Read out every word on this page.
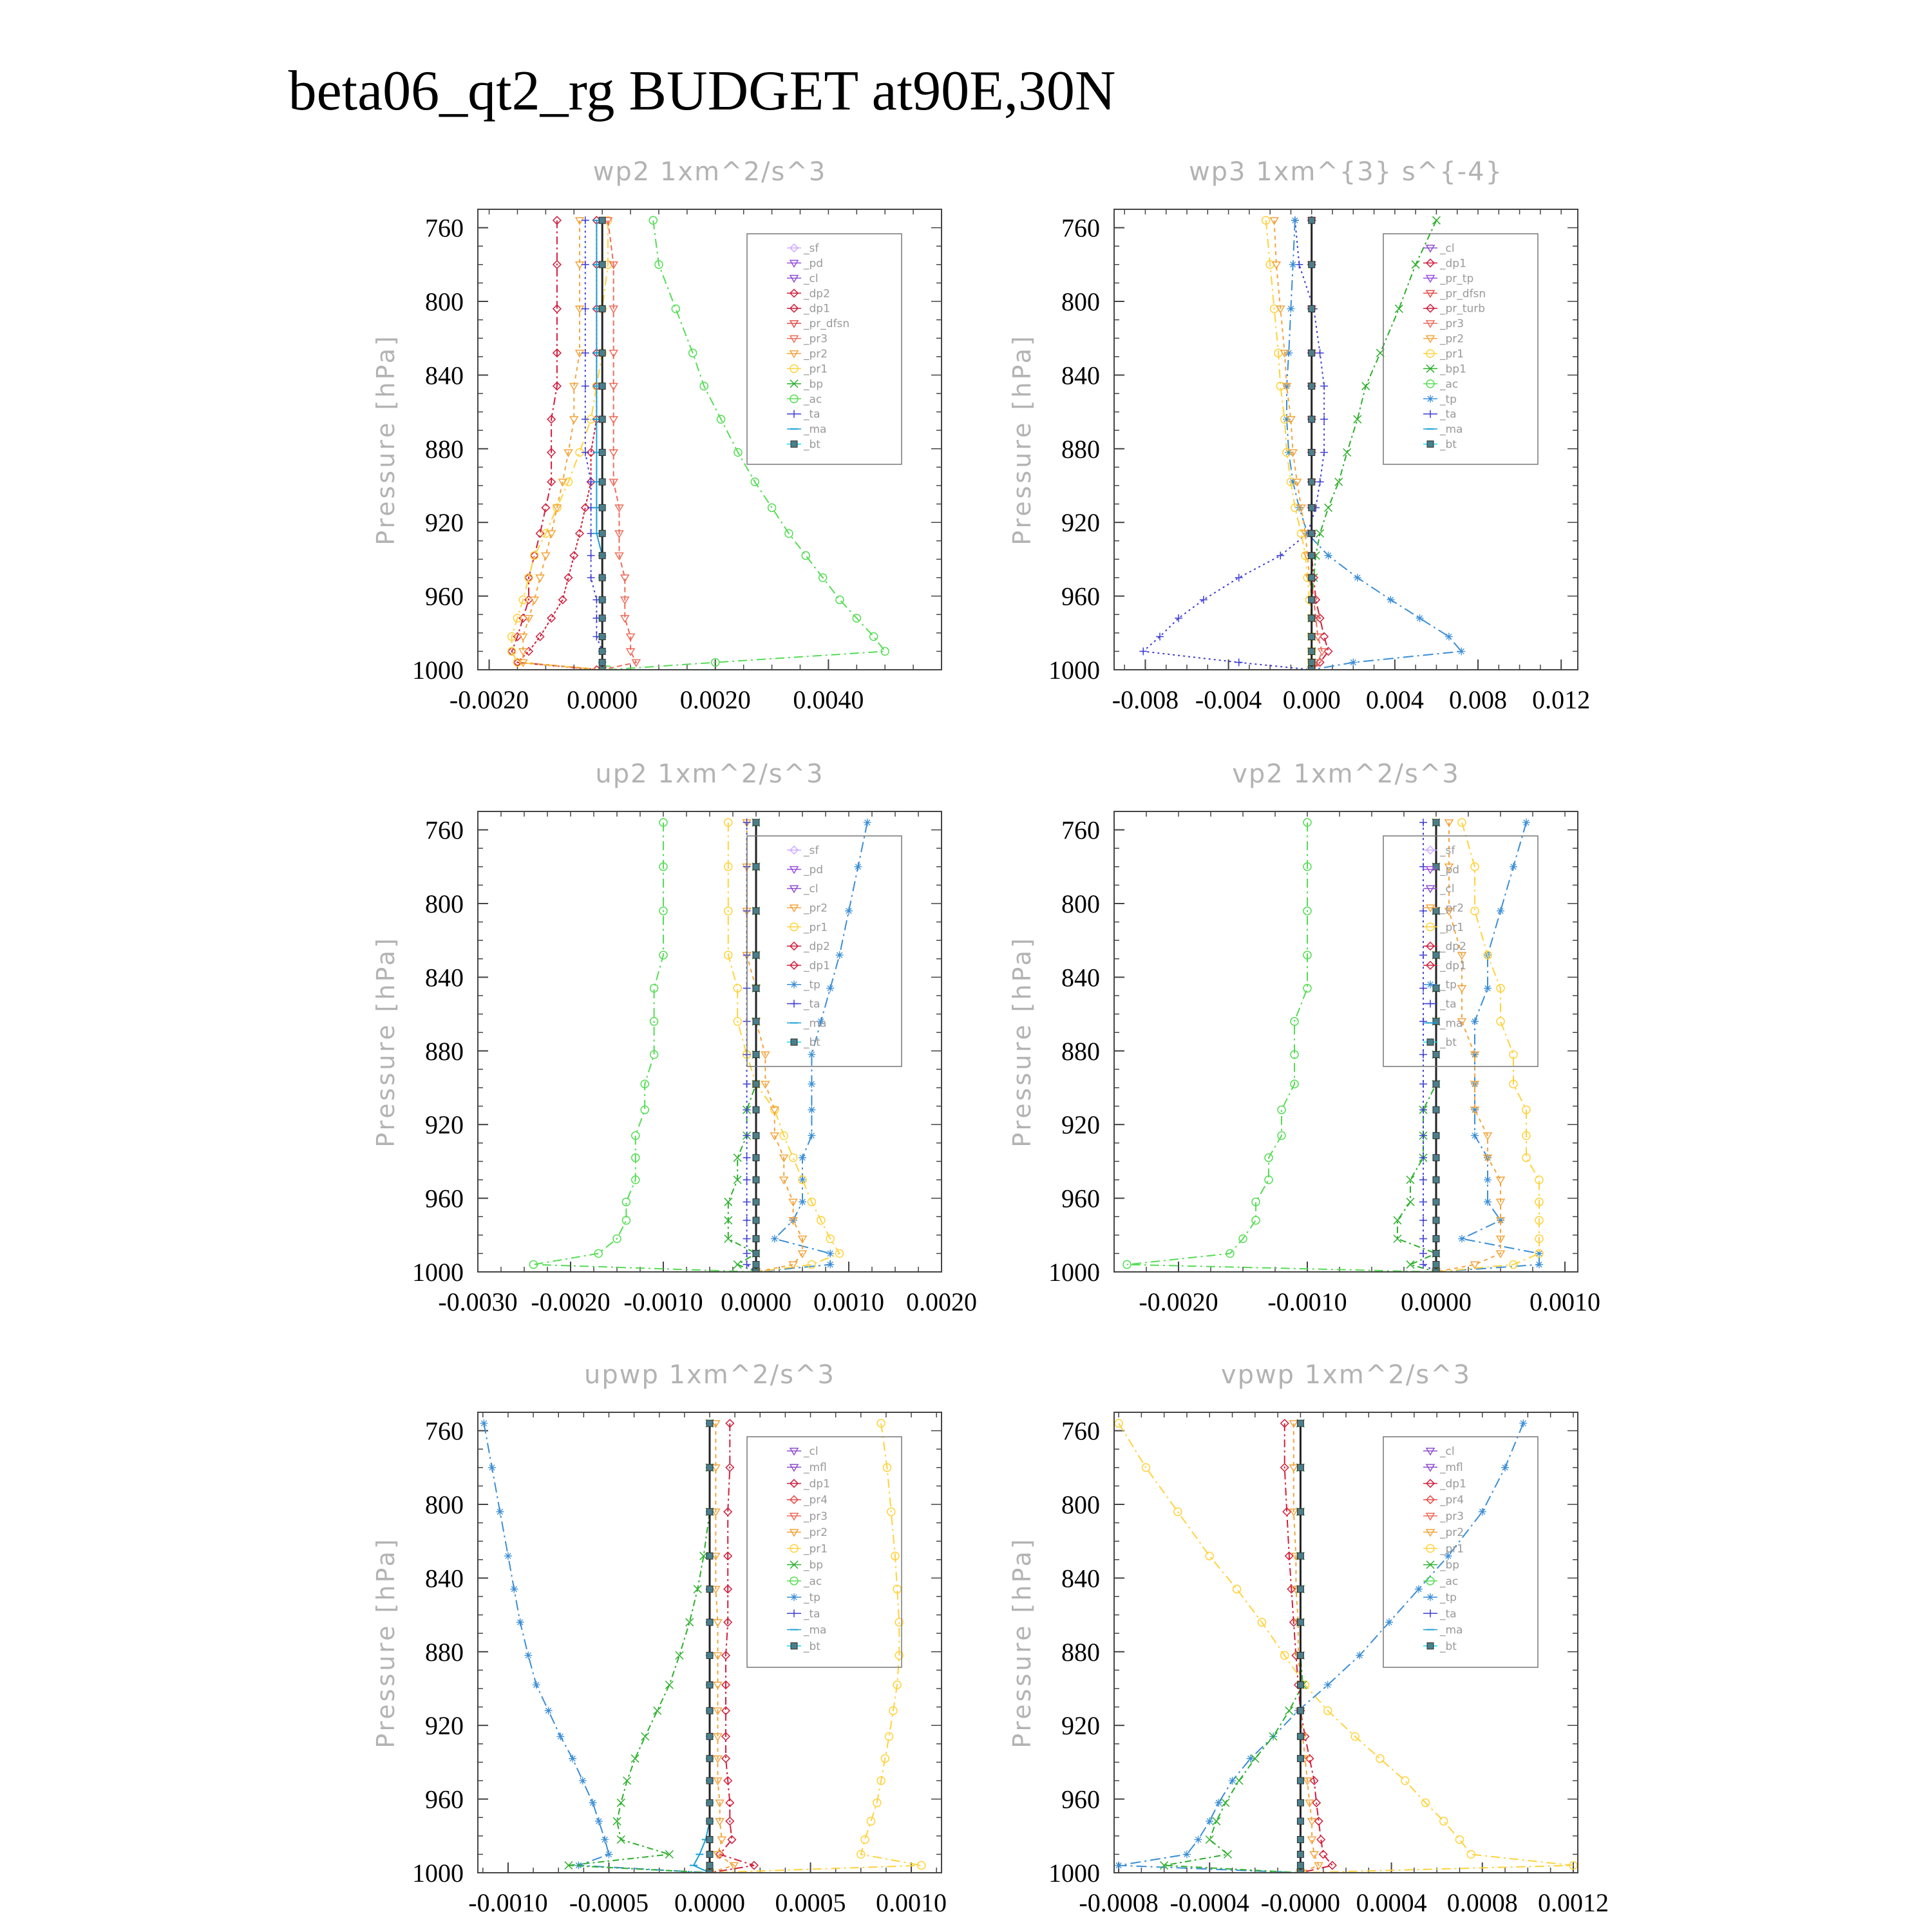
beta06_qt2_rg BUDGET at90E,30N
wp2 1xm^2/s^3
Pressure [hPa]
760
800
840
880
920
960
1000
-0.0020 0.0000 0.0020 0.0040
_sf
_pd
_cl
_dp2
_dp1
_pr_dfsn
_pr3
_pr2
_pr1
_bp
_ac
_ta
_ma
_bt
wp3 1xm^{3} s^{-4}
Pressure [hPa]
760
800
840
880
920
960
1000
-0.008 -0.004 0.000 0.004 0.008 0.012
_cl
_dp1
_pr_tp
_pr_dfsn
_pr_turb
_pr3
_pr2
_pr1
_bp1
_ac
_tp
_ta
_ma
_bt
up2 1xm^2/s^3
Pressure [hPa]
760
800
840
880
920
960
1000
-0.0030 -0.0020 -0.0010 0.0000 0.0010 0.0020
_sf
_pd
_cl
_pr2
_pr1
_dp2
_dp1
_tp
_ta
_ma
_bt
vp2 1xm^2/s^3
Pressure [hPa]
760
800
840
880
920
960
1000
-0.0020 -0.0010 0.0000 0.0010
_sf
_pd
_cl
_pr2
_pr1
_dp2
_dp1
_tp
_ta
_ma
_bt
upwp 1xm^2/s^3
Pressure [hPa]
760
800
840
880
920
960
1000
-0.0010 -0.0005 0.0000 0.0005 0.0010
_cl
_mfl
_dp1
_pr4
_pr3
_pr2
_pr1
_bp
_ac
_tp
_ta
_ma
_bt
vpwp 1xm^2/s^3
Pressure [hPa]
760
800
840
880
920
960
1000
-0.0008 -0.0004 -0.0000 0.0004 0.0008 0.0012
_cl
_mfl
_dp1
_pr4
_pr3
_pr2
_pr1
_bp
_ac
_tp
_ta
_ma
_bt
